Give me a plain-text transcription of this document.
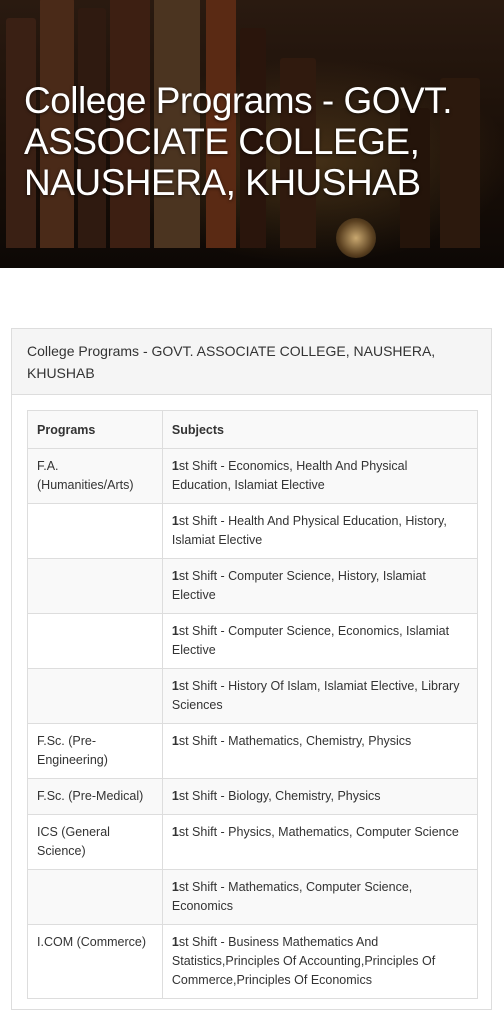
College Programs - GOVT. ASSOCIATE COLLEGE, NAUSHERA, KHUSHAB
College Programs - GOVT. ASSOCIATE COLLEGE, NAUSHERA, KHUSHAB
Programs	Subjects
F.A. (Humanities/Arts)	1st Shift - Economics, Health And Physical Education, Islamiat Elective
	1st Shift - Health And Physical Education, History, Islamiat Elective
	1st Shift - Computer Science, History, Islamiat Elective
	1st Shift - Computer Science, Economics, Islamiat Elective
	1st Shift - History Of Islam, Islamiat Elective, Library Sciences
F.Sc. (Pre-Engineering)	1st Shift - Mathematics, Chemistry, Physics
F.Sc. (Pre-Medical)	1st Shift - Biology, Chemistry, Physics
ICS (General Science)	1st Shift - Physics, Mathematics, Computer Science
	1st Shift - Mathematics, Computer Science, Economics
I.COM (Commerce)	1st Shift - Business Mathematics And Statistics,Principles Of Accounting,Principles Of Commerce,Principles Of Economics
